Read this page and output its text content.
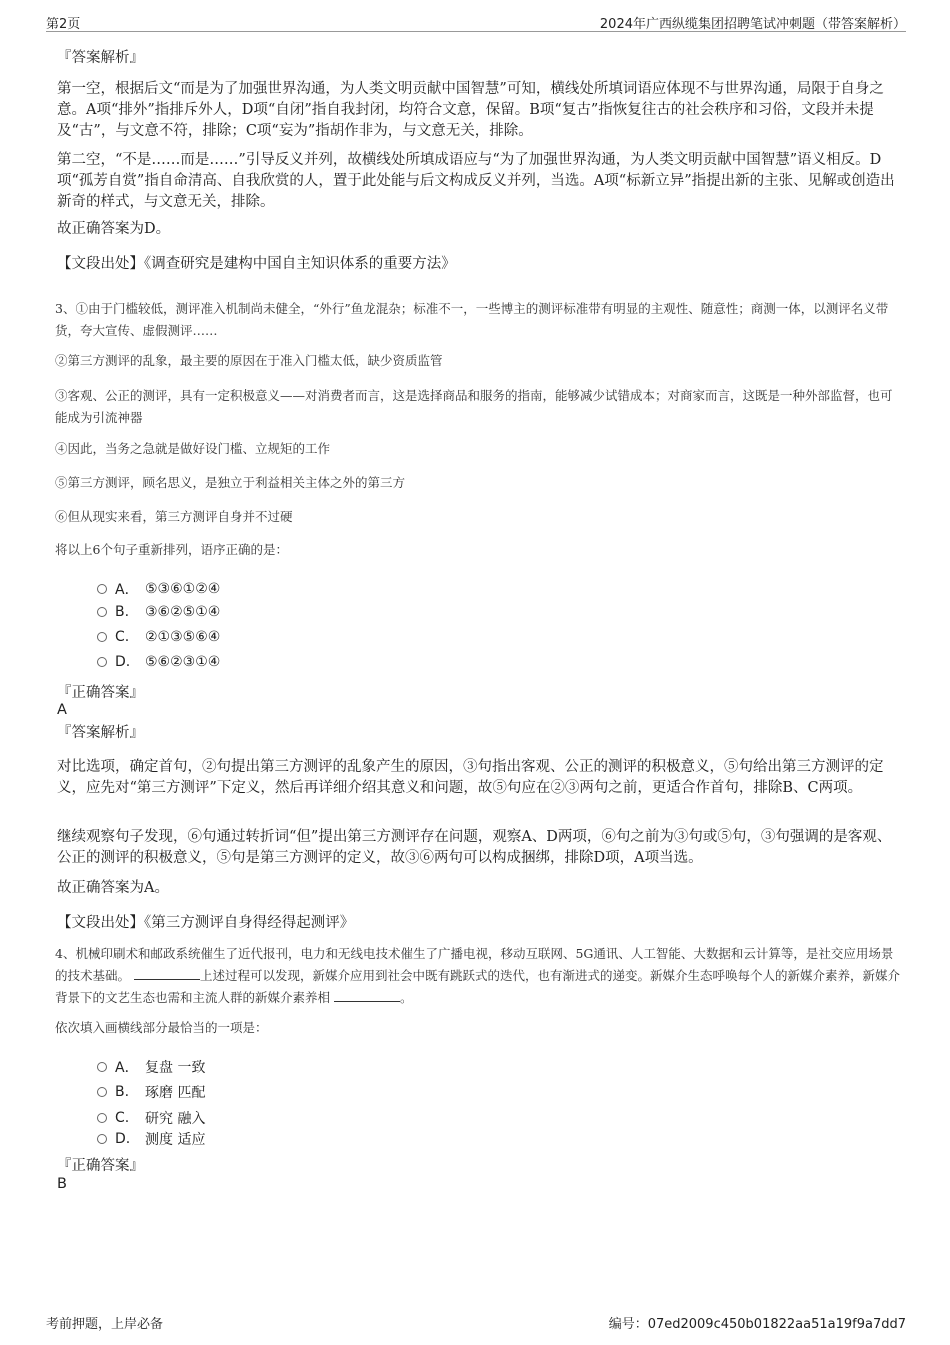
第2页	2024年广西纵缆集团招聘笔试冲刺题（带答案解析）
『答案解析』
第一空，根据后文“而是为了加强世界沟通，为人类文明贡献中国智慧”可知，横线处所填词语应体现不与世界沟通，局限于自身之意。A项“排外”指排斥外人，D项“自闭”指自我封闭，均符合文意，保留。B项“复古”指恢复往古的社会秩序和习俗，文段并未提及“古”，与文意不符，排除；C项“妄为”指胡作非为，与文意无关，排除。
第二空，“不是……而是……”引导反义并列，故横线处所填成语应与“为了加强世界沟通，为人类文明贡献中国智慧”语义相反。D项“孤芳自赏”指自命清高、自我欣赏的人，置于此处能与后文构成反义并列，当选。A项“标新立异”指提出新的主张、见解或创造出新奇的样式，与文意无关，排除。
故正确答案为D。
【文段出处】《调查研究是建构中国自主知识体系的重要方法》
3、①由于门槛较低，测评准入机制尚未健全，“外行”鱼龙混杂；标准不一，一些博主的测评标准带有明显的主观性、随意性；商测一体，以测评名义带货，夸大宣传、虚假测评……
②第三方测评的乱象，最主要的原因在于准入门槛太低，缺少资质监管
③客观、公正的测评，具有一定积极意义——对消费者而言，这是选择商品和服务的指南，能够减少试错成本；对商家而言，这既是一种外部监督，也可能成为引流神器
④因此，当务之急就是做好设门槛、立规矩的工作
⑤第三方测评，顾名思义，是独立于利益相关主体之外的第三方
⑥但从现实来看，第三方测评自身并不过硬
将以上6个句子重新排列，语序正确的是：
A． ⑤③⑥①②④
B.	③⑥②⑤①④
C.	②①③⑤⑥④
D.	⑤⑥②③①④
『正确答案』
A
『答案解析』
对比选项，确定首句，②句提出第三方测评的乱象产生的原因，③句指出客观、公正的测评的积极意义，⑤句给出第三方测评的定义，应先对“第三方测评”下定义，然后再详细介绍其意义和问题，故⑤句应在②③两句之前，更适合作首句，排除B、C两项。
继续观察句子发现，⑥句通过转折词“但”提出第三方测评存在问题，观察A、D两项，⑥句之前为③句或⑤句，③句强调的是客观、公正的测评的积极意义，⑤句是第三方测评的定义，故③⑥两句可以构成捆绑，排除D项，A项当选。
故正确答案为A。
【文段出处】《第三方测评自身得经得起测评》
4、机械印刷术和邮政系统催生了近代报刊，电力和无线电技术催生了广播电视，移动互联网、5G通讯、人工智能、大数据和云计算等，是社交应用场景的技术基础。	上述过程可以发现，新媒介应用到社会中既有跳跃式的迭代，也有渐进式的递变。新媒介生态呼唤每个人的新媒介素养，新媒介背景下的文艺生态也需和主流人群的新媒介素养相	。
依次填入画横线部分最恰当的一项是：
A． 复盘 一致
B.	琢磨 匹配
C.	研究 融入
D.	测度 适应
『正确答案』
B
考前押题，上岸必备	编号：07ed2009c450b01822aa51a19f9a7dd7
